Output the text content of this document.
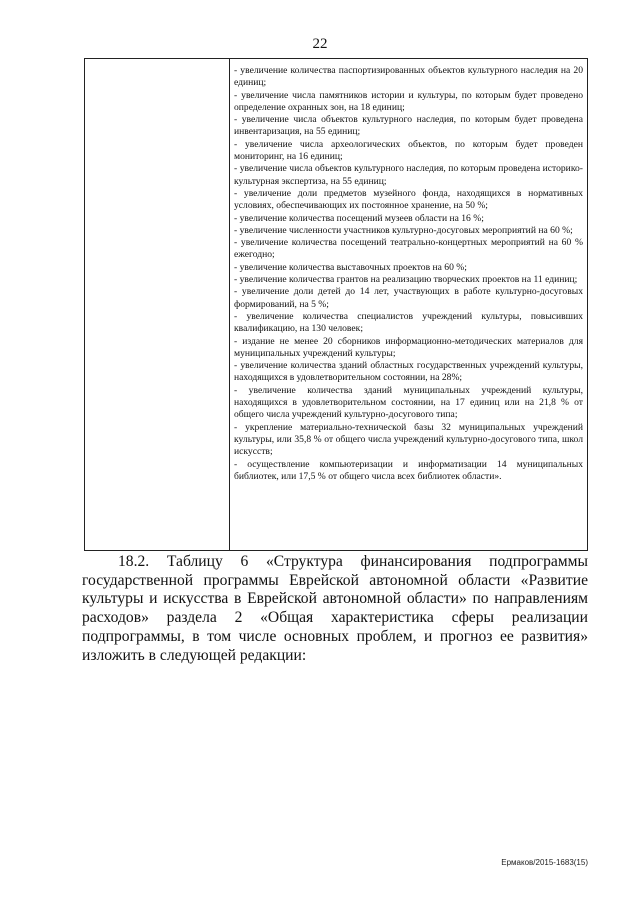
22

- увеличение количества паспортизированных объектов культурного наследия на 20 единиц;

- увеличение числа памятников истории и культуры, по которым будет проведено определение охранных зон, на 18 единиц;

- увеличение числа объектов культурного наследия, по которым будет проведена инвентаризация, на 55 единиц;

- увеличение числа археологических объектов, по которым будет проведен мониторинг, на 16 единиц;

- увеличение числа объектов культурного наследия, по которым проведена историко-культурная экспертиза, на 55 единиц;

- увеличение доли предметов музейного фонда, находящихся в нормативных условиях, обеспечивающих их постоянное хранение, на 50 %;

- увеличение количества посещений музеев области на 16 %;

- увеличение численности участников культурно-досуговых мероприятий на 60 %;

- увеличение количества посещений театрально-концертных мероприятий на 60 % ежегодно;

- увеличение количества выставочных проектов на 60 %;

- увеличение количества грантов на реализацию творческих проектов на 11 единиц;

- увеличение доли детей до 14 лет, участвующих в работе культурно-досуговых формирований, на 5 %;

- увеличение количества специалистов учреждений культуры, повысивших квалификацию, на 130 человек;

- издание не менее 20 сборников информационно-методических материалов для муниципальных учреждений культуры;

- увеличение количества зданий областных государственных учреждений культуры, находящихся в удовлетворительном состоянии, на 28%;

- увеличение количества зданий муниципальных учреждений культуры, находящихся в удовлетворительном состоянии, на 17 единиц или на 21,8 % от общего числа учреждений культурно-досугового типа;

- укрепление материально-технической базы 32 муниципальных учреждений культуры, или 35,8 % от общего числа учреждений культурно-досугового типа, школ искусств;

- осуществление компьютеризации и информатизации 14 муниципальных библиотек, или 17,5 % от общего числа всех библиотек области».

18.2. Таблицу 6 «Структура финансирования подпрограммы государственной программы Еврейской автономной области «Развитие культуры и искусства в Еврейской автономной области» по направлениям расходов» раздела 2 «Общая характеристика сферы реализации подпрограммы, в том числе основных проблем, и прогноз ее развития» изложить в следующей редакции:

Ермаков/2015-1683(15)
